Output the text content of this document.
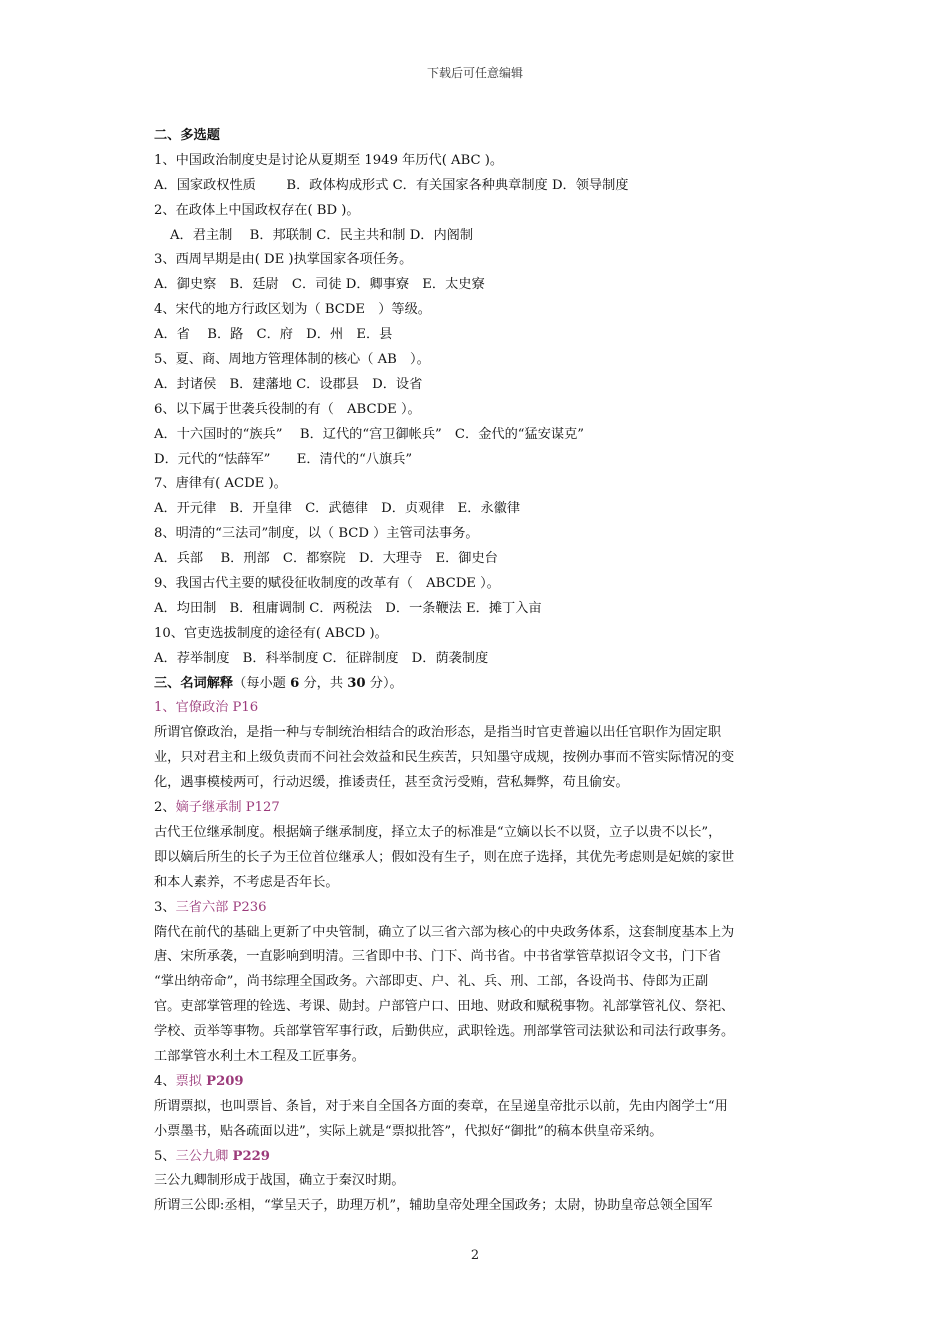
下载后可任意编辑
二、多选题
1、中国政治制度史是讨论从夏期至 1949 年历代( ABC )。
A．国家政权性质　　 B．政体构成形式 C．有关国家各种典章制度 D．领导制度
2、在政体上中国政权存在( BD )。
A．君主制　 B．邦联制 C．民主共和制 D．内阁制
3、西周早期是由( DE )执掌国家各项任务。
A．御史察　B．廷尉　C．司徒 D．卿事寮　E．太史寮
4、宋代的地方行政区划为（ BCDE　）等级。
A．省　 B．路　C．府　D．州　E．县
5、夏、商、周地方管理体制的核心（ AB　）。
A．封诸侯　B．建藩地 C．设郡县　D．设省
6、以下属于世袭兵役制的有（　ABCDE ）。
A．十六国时的“族兵”　 B．辽代的“宫卫御帐兵”　C．金代的“猛安谋克”
D．元代的“怯薛军”　　E．清代的“八旗兵”
7、唐律有( ACDE )。
A．开元律　B．开皇律　C．武德律　D．贞观律　E．永徽律
8、明清的“三法司”制度，以（ BCD ）主管司法事务。
A．兵部　 B．刑部　C．都察院　D．大理寺　E．御史台
9、我国古代主要的赋役征收制度的改革有（　ABCDE ）。
A．均田制　B．租庸调制 C．两税法　D．一条鞭法 E．摊丁入亩
10、官吏选拔制度的途径有( ABCD )。
A．荐举制度　B．科举制度 C．征辟制度　D．荫袭制度
三、名词解释（每小题 6 分，共 30 分）。
1、官僚政治 P16
所谓官僚政治，是指一种与专制统治相结合的政治形态，是指当时官吏普遍以出任官职作为固定职
业，只对君主和上级负责而不问社会效益和民生疾苦，只知墨守成规，按例办事而不管实际情况的变
化，遇事模棱两可，行动迟缓，推诿责任，甚至贪污受贿，营私舞弊，苟且偷安。
2、嫡子继承制 P127
古代王位继承制度。根据嫡子继承制度，择立太子的标准是“立嫡以长不以贤，立子以贵不以长”，
即以嫡后所生的长子为王位首位继承人；假如没有生子，则在庶子选择，其优先考虑则是妃嫔的家世
和本人素养，不考虑是否年长。
3、三省六部 P236
隋代在前代的基础上更新了中央管制，确立了以三省六部为核心的中央政务体系，这套制度基本上为
唐、宋所承袭，一直影响到明清。三省即中书、门下、尚书省。中书省掌管草拟诏令文书，门下省
“掌出纳帝命”，尚书综理全国政务。六部即吏、户、礼、兵、刑、工部，各设尚书、侍郎为正副
官。吏部掌管理的铨选、考课、勋封。户部管户口、田地、财政和赋税事物。礼部掌管礼仪、祭祀、
学校、贡举等事物。兵部掌管军事行政，后勤供应，武职铨选。刑部掌管司法狱讼和司法行政事务。
工部掌管水利土木工程及工匠事务。
4、票拟 P209
所谓票拟，也叫票旨、条旨，对于来自全国各方面的奏章，在呈递皇帝批示以前，先由内阁学士“用
小票墨书，贴各疏面以进”，实际上就是“票拟批答”，代拟好“御批”的稿本供皇帝采纳。
5、三公九卿 P229
三公九卿制形成于战国，确立于秦汉时期。
所谓三公即:丞相，“掌呈天子，助理万机”，辅助皇帝处理全国政务；太尉，协助皇帝总领全国军
2
